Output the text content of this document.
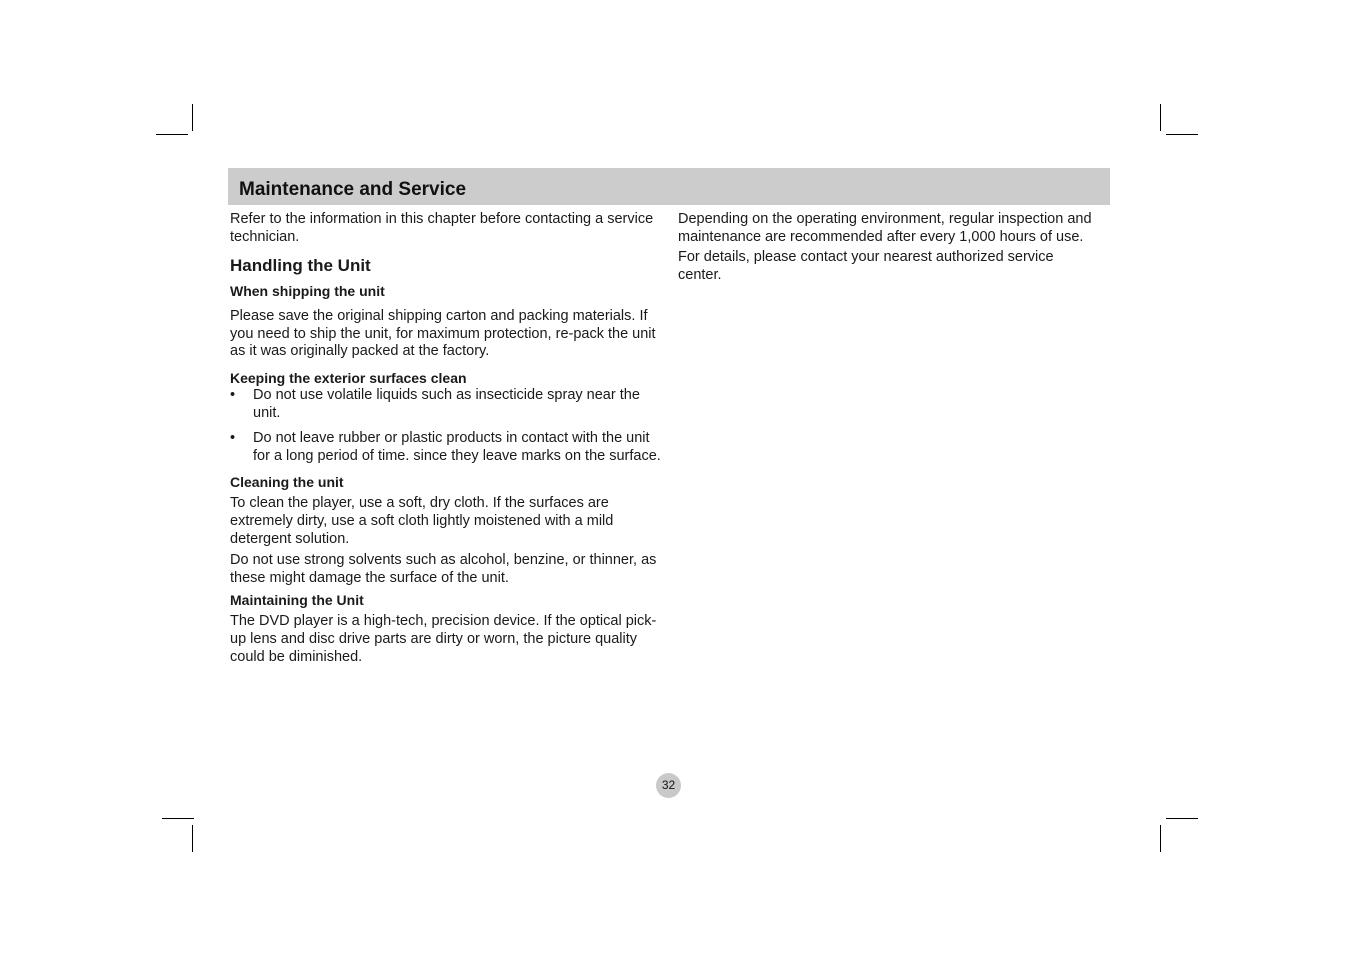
Maintenance and Service

Refer to the information in this chapter before contacting a service technician.

Handling the Unit
When shipping the unit

Please save the original shipping carton and packing materials. If you need to ship the unit, for maximum protection, re-pack the unit as it was originally packed at the factory.

Keeping the exterior surfaces clean
• Do not use volatile liquids such as insecticide spray near the unit.
• Do not leave rubber or plastic products in contact with the unit for a long period of time. since they leave marks on the surface.
Cleaning the unit

To clean the player, use a soft, dry cloth. If the surfaces are extremely dirty, use a soft cloth lightly moistened with a mild detergent solution.

Do not use strong solvents such as alcohol, benzine, or thinner, as these might damage the surface of the unit.

Maintaining the Unit

The DVD player is a high-tech, precision device. If the optical pick-up lens and disc drive parts are dirty or worn, the picture quality could be diminished.

Depending on the operating environment, regular inspection and maintenance are recommended after every 1,000 hours of use.

For details, please contact your nearest authorized service center.

32
